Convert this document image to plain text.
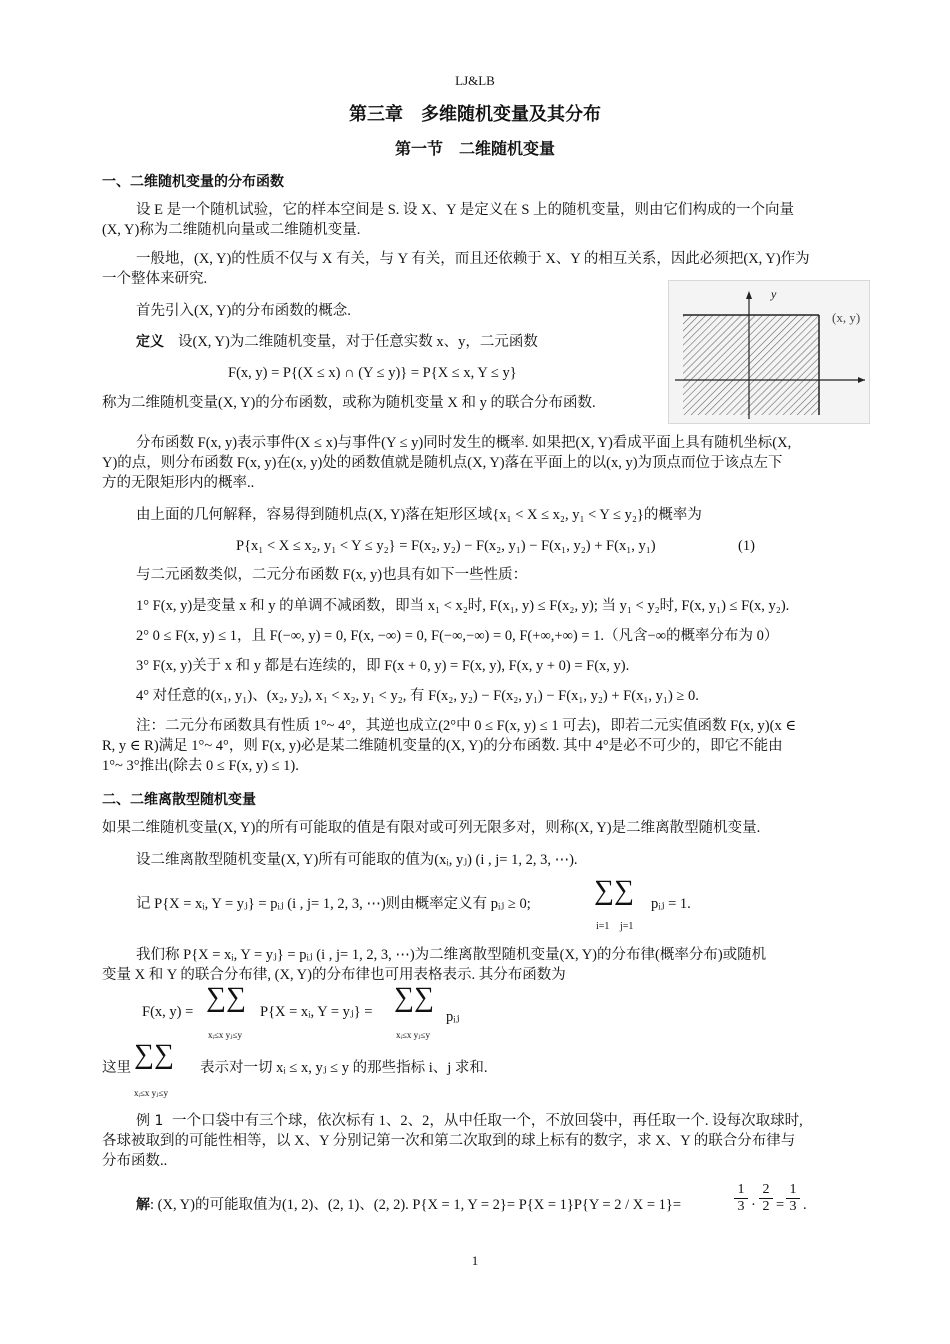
LJ&LB
第三章　多维随机变量及其分布
第一节　二维随机变量
一、二维随机变量的分布函数
设 E 是一个随机试验，它的样本空间是 S. 设 X、Y 是定义在 S 上的随机变量，则由它们构成的一个向量
(X, Y)称为二维随机向量或二维随机变量.
一般地，(X, Y)的性质不仅与 X 有关，与 Y 有关，而且还依赖于 X、Y 的相互关系，因此必须把(X, Y)作为
一个整体来研究.
首先引入(X, Y)的分布函数的概念.
定义 设(X, Y)为二维随机变量，对于任意实数 x、y，二元函数
F(x, y) = P{(X ≤ x) ∩ (Y ≤ y)} = P{X ≤ x, Y ≤ y}
称为二维随机变量(X, Y)的分布函数，或称为随机变量 X 和 y 的联合分布函数.
y
(x, y)
分布函数 F(x, y)表示事件(X ≤ x)与事件(Y ≤ y)同时发生的概率. 如果把(X, Y)看成平面上具有随机坐标(X,
Y)的点，则分布函数 F(x, y)在(x, y)处的函数值就是随机点(X, Y)落在平面上的以(x, y)为顶点而位于该点左下
方的无限矩形内的概率..
由上面的几何解释，容易得到随机点(X, Y)落在矩形区域{x₁ < X ≤ x₂, y₁ < Y ≤ y₂}的概率为
P{x₁ < X ≤ x₂, y₁ < Y ≤ y₂} = F(x₂, y₂) − F(x₂, y₁) − F(x₁, y₂) + F(x₁, y₁)	(1)
与二元函数类似，二元分布函数 F(x, y)也具有如下一些性质：
1° F(x, y)是变量 x 和 y 的单调不减函数，即当 x₁ < x₂时, F(x₁, y) ≤ F(x₂, y); 当 y₁ < y₂时, F(x, y₁) ≤ F(x, y₂).
2° 0 ≤ F(x, y) ≤ 1，且 F(−∞, y) = 0, F(x, −∞) = 0, F(−∞,−∞) = 0, F(+∞,+∞) = 1.（凡含−∞的概率分布为 0）
3° F(x, y)关于 x 和 y 都是右连续的，即 F(x + 0, y) = F(x, y), F(x, y + 0) = F(x, y).
4° 对任意的(x₁, y₁)、(x₂, y₂), x₁ < x₂, y₁ < y₂, 有 F(x₂, y₂) − F(x₂, y₁) − F(x₁, y₂) + F(x₁, y₁) ≥ 0.
注：二元分布函数具有性质 1°~ 4°，其逆也成立(2°中 0 ≤ F(x, y) ≤ 1 可去)，即若二元实值函数 F(x, y)(x ∈
R, y ∈ R)满足 1°~ 4°，则 F(x, y)必是某二维随机变量的(X, Y)的分布函数. 其中 4°是必不可少的，即它不能由
1°~ 3°推出(除去 0 ≤ F(x, y) ≤ 1).
二、二维离散型随机变量
如果二维随机变量(X, Y)的所有可能取的值是有限对或可列无限多对，则称(X, Y)是二维离散型随机变量.
设二维离散型随机变量(X, Y)所有可能取的值为(xᵢ, yⱼ) (i , j= 1, 2, 3, ⋯).
记 P{X = xᵢ, Y = yⱼ} = pᵢⱼ (i , j= 1, 2, 3, ⋯)则由概率定义有 pᵢⱼ ≥ 0; ∑∑ pᵢⱼ = 1.
i=1 j=1
我们称 P{X = xᵢ, Y = yⱼ} = pᵢⱼ (i , j= 1, 2, 3, ⋯)为二维离散型随机变量(X, Y)的分布律(概率分布)或随机
变量 X 和 Y 的联合分布律, (X, Y)的分布律也可用表格表示. 其分布函数为
F(x, y) = ∑∑ P{X = xᵢ, Y = yⱼ} = ∑∑
pᵢⱼ
xᵢ≤x yⱼ≤y	xᵢ≤x yⱼ≤y
这里 ∑∑
xᵢ≤x yⱼ≤y
表示对一切 xᵢ ≤ x, yⱼ ≤ y 的那些指标 i、j 求和.
例 1 一个口袋中有三个球，依次标有 1、2、2，从中任取一个，不放回袋中，再任取一个. 设每次取球时,
各球被取到的可能性相等，以 X、Y 分别记第一次和第二次取到的球上标有的数字，求 X、Y 的联合分布律与
分布函数..
解 : (X, Y)的可能取值为(1, 2)、(2, 1)、(2, 2). P{X = 1, Y = 2}= P{X = 1}P{Y = 2 / X = 1}=	$\frac{1}{3} \cdot \frac{2}{2} = \frac{1}{3}$ .
1
